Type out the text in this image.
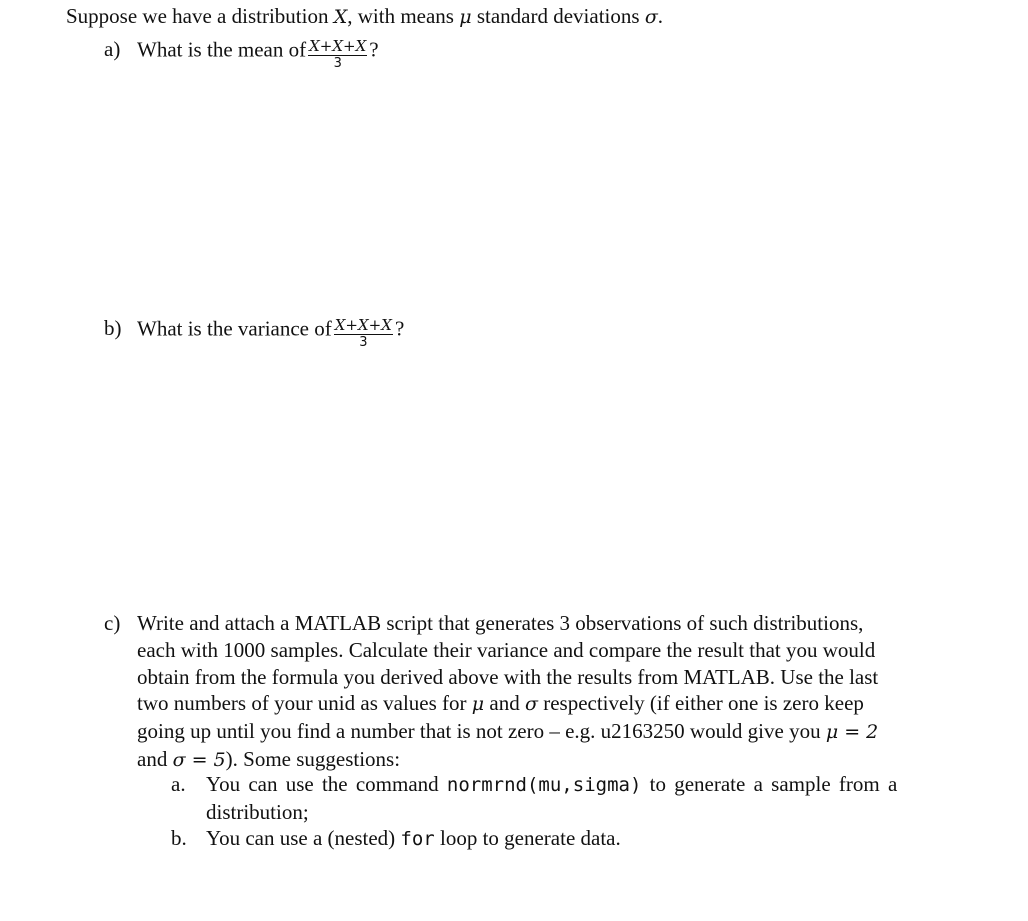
Suppose we have a distribution X, with means μ standard deviations σ.
a) What is the mean of $\frac{X+X+X}{3}$ ?
b) What is the variance of $\frac{X+X+X}{3}$ ?
c) Write and attach a MATLAB script that generates 3 observations of such distributions,
each with 1000 samples. Calculate their variance and compare the result that you would
obtain from the formula you derived above with the results from MATLAB. Use the last
two numbers of your unid as values for μ and σ respectively (if either one is zero keep
going up until you find a number that is not zero – e.g. u2163250 would give you μ = 2
and σ = 5). Some suggestions:
a. You can use the command normrnd(mu,sigma) to generate a sample from a
distribution;
b. You can use a (nested) for loop to generate data.
